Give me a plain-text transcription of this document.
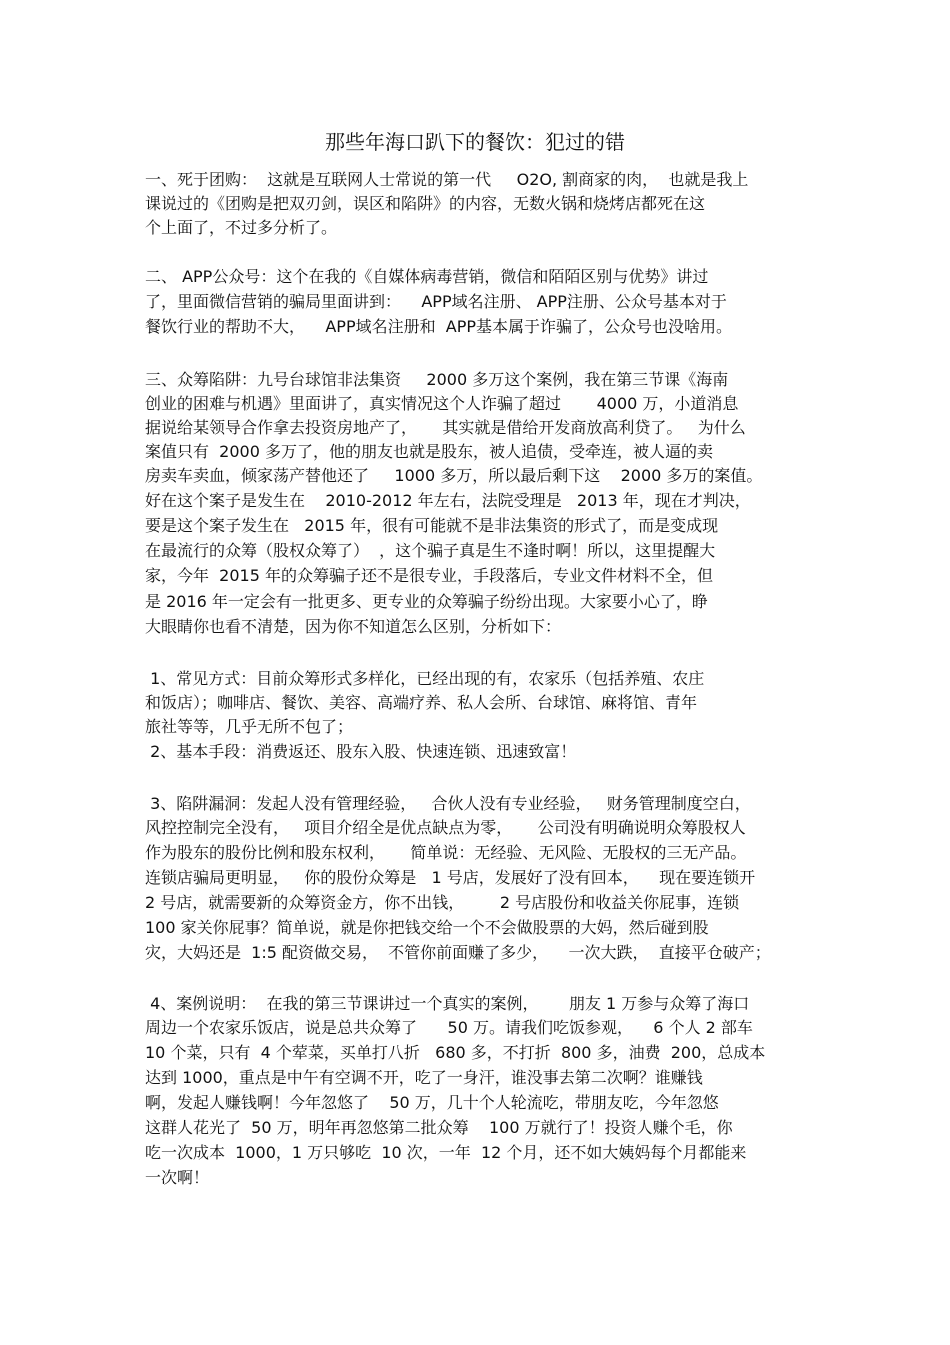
那些年海口趴下的餐饮：犯过的错
一、死于团购：  这就是互联网人士常说的第一代     O2O, 割商家的肉，  也就是我上
课说过的《团购是把双刃剑，误区和陷阱》的内容，无数火锅和烧烤店都死在这
个上面了，不过多分析了。
二、 APP公众号：这个在我的《自媒体病毒营销，微信和陌陌区别与优势》讲过
了，里面微信营销的骗局里面讲到：    APP域名注册、 APP注册、公众号基本对于
餐饮行业的帮助不大，    APP域名注册和  APP基本属于诈骗了，公众号也没啥用。
三、众筹陷阱：九号台球馆非法集资     2000 多万这个案例，我在第三节课《海南
创业的困难与机遇》里面讲了，真实情况这个人诈骗了超过       4000 万，小道消息
据说给某领导合作拿去投资房地产了，     其实就是借给开发商放高利贷了。   为什么
案值只有  2000 多万了，他的朋友也就是股东，被人追债，受牵连，被人逼的卖
房卖车卖血，倾家荡产替他还了     1000 多万，所以最后剩下这    2000 多万的案值。
好在这个案子是发生在    2010-2012 年左右，法院受理是   2013 年，现在才判决，
要是这个案子发生在   2015 年，很有可能就不是非法集资的形式了，而是变成现
在最流行的众筹（股权众筹了）  ，这个骗子真是生不逢时啊！所以，这里提醒大
家，今年  2015 年的众筹骗子还不是很专业，手段落后，专业文件材料不全，但
是 2016 年一定会有一批更多、更专业的众筹骗子纷纷出现。大家要小心了，睁
大眼睛你也看不清楚，因为你不知道怎么区别，分析如下：
1、常见方式：目前众筹形式多样化，已经出现的有，农家乐（包括养殖、农庄
和饭店）；咖啡店、餐饮、美容、高端疗养、私人会所、台球馆、麻将馆、青年
旅社等等，几乎无所不包了；
2、基本手段：消费返还、股东入股、快速连锁、迅速致富！
3、陷阱漏洞：发起人没有管理经验，   合伙人没有专业经验，   财务管理制度空白，
风控控制完全没有，   项目介绍全是优点缺点为零，     公司没有明确说明众筹股权人
作为股东的股份比例和股东权利，     简单说：无经验、无风险、无股权的三无产品。
连锁店骗局更明显，   你的股份众筹是   1 号店，发展好了没有回本，    现在要连锁开
2 号店，就需要新的众筹资金方，你不出钱，       2 号店股份和收益关你屁事，连锁
100 家关你屁事？简单说，就是你把钱交给一个不会做股票的大妈，然后碰到股
灾，大妈还是  1:5 配资做交易，  不管你前面赚了多少，    一次大跌，  直接平仓破产；
4、案例说明：  在我的第三节课讲过一个真实的案例，      朋友 1 万参与众筹了海口
周边一个农家乐饭店，说是总共众筹了      50 万。请我们吃饭参观，    6 个人 2 部车
10 个菜，只有  4 个荤菜，买单打八折   680 多，不打折  800 多，油费  200，总成本
达到 1000，重点是中午有空调不开，吃了一身汗，谁没事去第二次啊？谁赚钱
啊，发起人赚钱啊！今年忽悠了    50 万，几十个人轮流吃，带朋友吃，今年忽悠
这群人花光了  50 万，明年再忽悠第二批众筹    100 万就行了！投资人赚个毛，你
吃一次成本  1000，1 万只够吃  10 次，一年  12 个月，还不如大姨妈每个月都能来
一次啊！
